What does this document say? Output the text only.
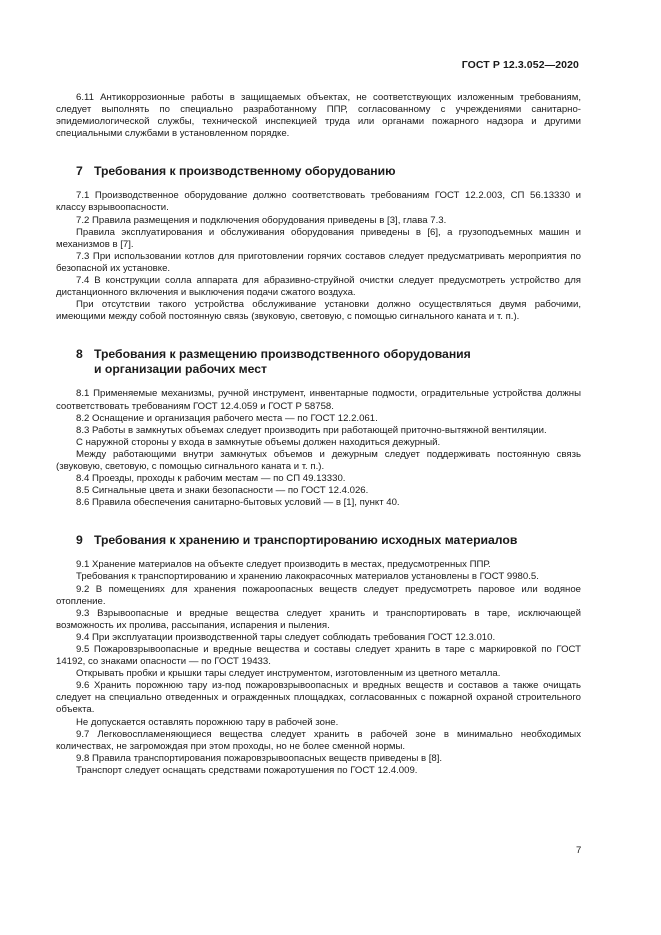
ГОСТ Р 12.3.052—2020

6.11 Антикоррозионные работы в защищаемых объектах, не соответствующих изложенным требованиям, следует выполнять по специально разработанному ППР, согласованному с учреждениями санитарно-эпидемиологической службы, технической инспекцией труда или органами пожарного надзора и другими специальными службами в установленном порядке.

7 Требования к производственному оборудованию

7.1 Производственное оборудование должно соответствовать требованиям ГОСТ 12.2.003, СП 56.13330 и классу взрывоопасности.

7.2 Правила размещения и подключения оборудования приведены в [3], глава 7.3.

Правила эксплуатирования и обслуживания оборудования приведены в [6], а грузоподъемных машин и механизмов в [7].

7.3 При использовании котлов для приготовлении горячих составов следует предусматривать мероприятия по безопасной их установке.

7.4 В конструкции солла аппарата для абразивно-струйной очистки следует предусмотреть устройство для дистанционного включения и выключения подачи сжатого воздуха.

При отсутствии такого устройства обслуживание установки должно осуществляться двумя рабочими, имеющими между собой постоянную связь (звуковую, световую, с помощью сигнального каната и т. п.).

8 Требования к размещению производственного оборудования
и организации рабочих мест

8.1 Применяемые механизмы, ручной инструмент, инвентарные подмости, оградительные устройства должны соответствовать требованиям ГОСТ 12.4.059 и ГОСТ Р 58758.

8.2 Оснащение и организация рабочего места — по ГОСТ 12.2.061.

8.3 Работы в замкнутых объемах следует производить при работающей приточно-вытяжной вентиляции.

С наружной стороны у входа в замкнутые объемы должен находиться дежурный.

Между работающими внутри замкнутых объемов и дежурным следует поддерживать постоянную связь (звуковую, световую, с помощью сигнального каната и т. п.).

8.4 Проезды, проходы к рабочим местам — по СП 49.13330.

8.5 Сигнальные цвета и знаки безопасности — по ГОСТ 12.4.026.

8.6 Правила обеспечения санитарно-бытовых условий — в [1], пункт 40.

9 Требования к хранению и транспортированию исходных материалов

9.1 Хранение материалов на объекте следует производить в местах, предусмотренных ППР.

Требования к транспортированию и хранению лакокрасочных материалов установлены в ГОСТ 9980.5.

9.2 В помещениях для хранения пожароопасных веществ следует предусмотреть паровое или водяное отопление.

9.3 Взрывоопасные и вредные вещества следует хранить и транспортировать в таре, исключающей возможность их пролива, рассыпания, испарения и пыления.

9.4 При эксплуатации производственной тары следует соблюдать требования ГОСТ 12.3.010.

9.5 Пожаровзрывоопасные и вредные вещества и составы следует хранить в таре с маркировкой по ГОСТ 14192, со знаками опасности — по ГОСТ 19433.

Открывать пробки и крышки тары следует инструментом, изготовленным из цветного металла.

9.6 Хранить порожнюю тару из-под пожаровзрывоопасных и вредных веществ и составов а также очищать следует на специально отведенных и огражденных площадках, согласованных с пожарной охраной строительного объекта.

Не допускается оставлять порожнюю тару в рабочей зоне.

9.7 Легковоспламеняющиеся вещества следует хранить в рабочей зоне в минимально необходимых количествах, не загромождая при этом проходы, но не более сменной нормы.

9.8 Правила транспортирования пожаровзрывоопасных веществ приведены в [8].

Транспорт следует оснащать средствами пожаротушения по ГОСТ 12.4.009.

7
